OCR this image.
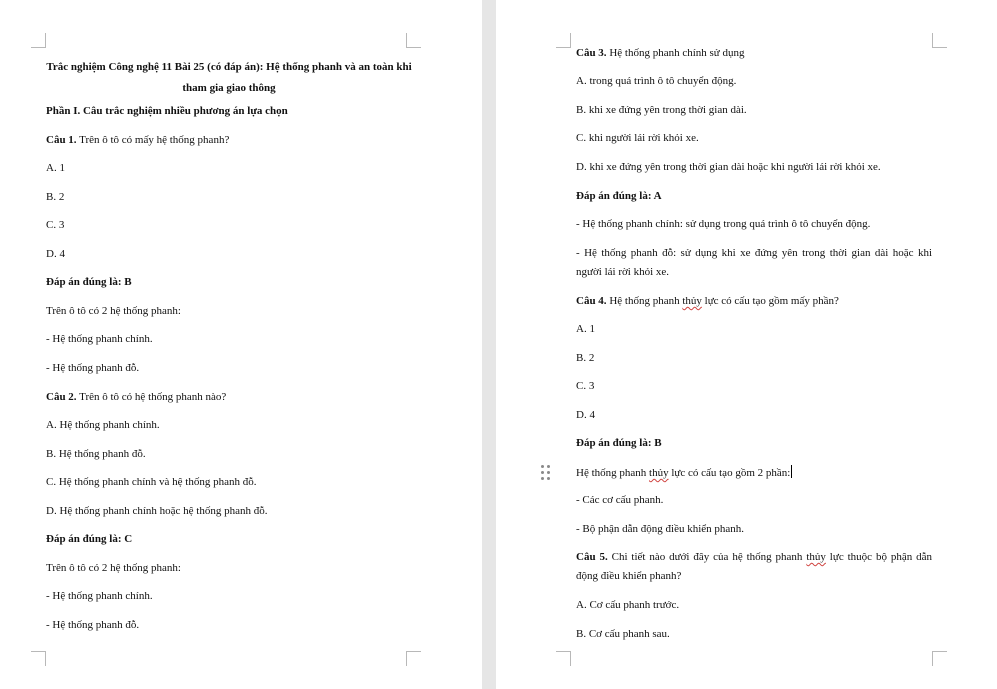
Trắc nghiệm Công nghệ 11 Bài 25 (có đáp án): Hệ thống phanh và an toàn khi tham gia giao thông
Phần I. Câu trắc nghiệm nhiều phương án lựa chọn
Câu 1. Trên ô tô có mấy hệ thống phanh?
A. 1
B. 2
C. 3
D. 4
Đáp án đúng là: B
Trên ô tô có 2 hệ thống phanh:
- Hệ thống phanh chính.
- Hệ thống phanh đỗ.
Câu 2. Trên ô tô có hệ thống phanh nào?
A. Hệ thống phanh chính.
B. Hệ thống phanh đỗ.
C. Hệ thống phanh chính và hệ thống phanh đỗ.
D. Hệ thống phanh chính hoặc hệ thống phanh đỗ.
Đáp án đúng là: C
Trên ô tô có 2 hệ thống phanh:
- Hệ thống phanh chính.
- Hệ thống phanh đỗ.
Câu 3. Hệ thống phanh chính sử dụng
A. trong quá trình ô tô chuyển động.
B. khi xe đứng yên trong thời gian dài.
C. khi người lái rời khỏi xe.
D. khi xe đứng yên trong thời gian dài hoặc khi người lái rời khỏi xe.
Đáp án đúng là: A
- Hệ thống phanh chính: sử dụng trong quá trình ô tô chuyển động.
- Hệ thống phanh đỗ: sử dụng khi xe đứng yên trong thời gian dài hoặc khi người lái rời khỏi xe.
Câu 4. Hệ thống phanh thủy lực có cấu tạo gồm mấy phần?
A. 1
B. 2
C. 3
D. 4
Đáp án đúng là: B
Hệ thống phanh thủy lực có cấu tạo gồm 2 phần:
- Các cơ cấu phanh.
- Bộ phận dẫn động điều khiển phanh.
Câu 5. Chi tiết nào dưới đây của hệ thống phanh thủy lực thuộc bộ phận dẫn động điều khiển phanh?
A. Cơ cấu phanh trước.
B. Cơ cấu phanh sau.
